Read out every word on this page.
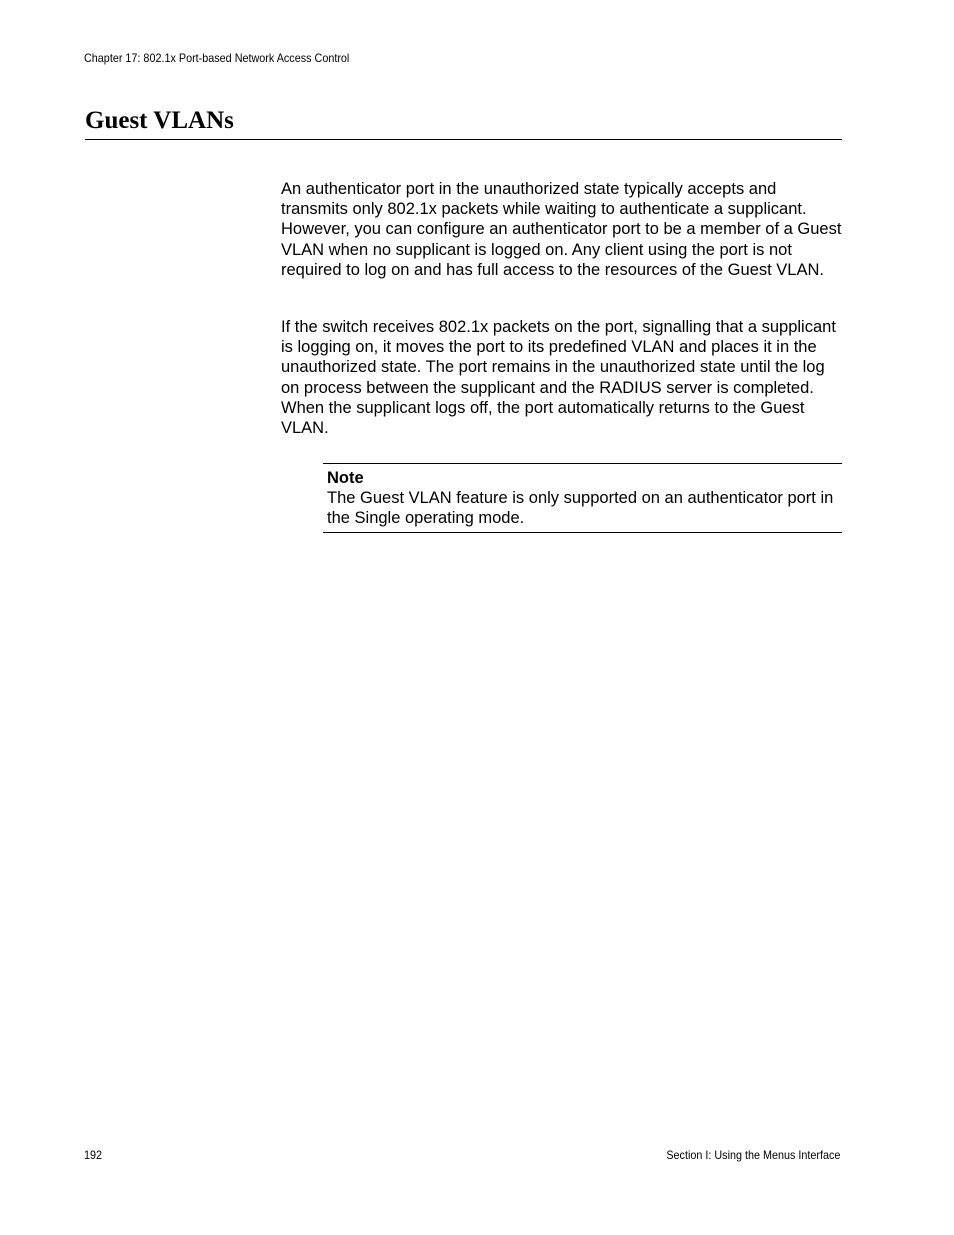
Chapter 17: 802.1x Port-based Network Access Control
Guest VLANs

An authenticator port in the unauthorized state typically accepts and transmits only 802.1x packets while waiting to authenticate a supplicant. However, you can configure an authenticator port to be a member of a Guest VLAN when no supplicant is logged on. Any client using the port is not required to log on and has full access to the resources of the Guest VLAN.

If the switch receives 802.1x packets on the port, signalling that a supplicant is logging on, it moves the port to its predefined VLAN and places it in the unauthorized state. The port remains in the unauthorized state until the log on process between the supplicant and the RADIUS server is completed. When the supplicant logs off, the port automatically returns to the Guest VLAN.

Note
The Guest VLAN feature is only supported on an authenticator port in the Single operating mode.
192	Section I: Using the Menus Interface
